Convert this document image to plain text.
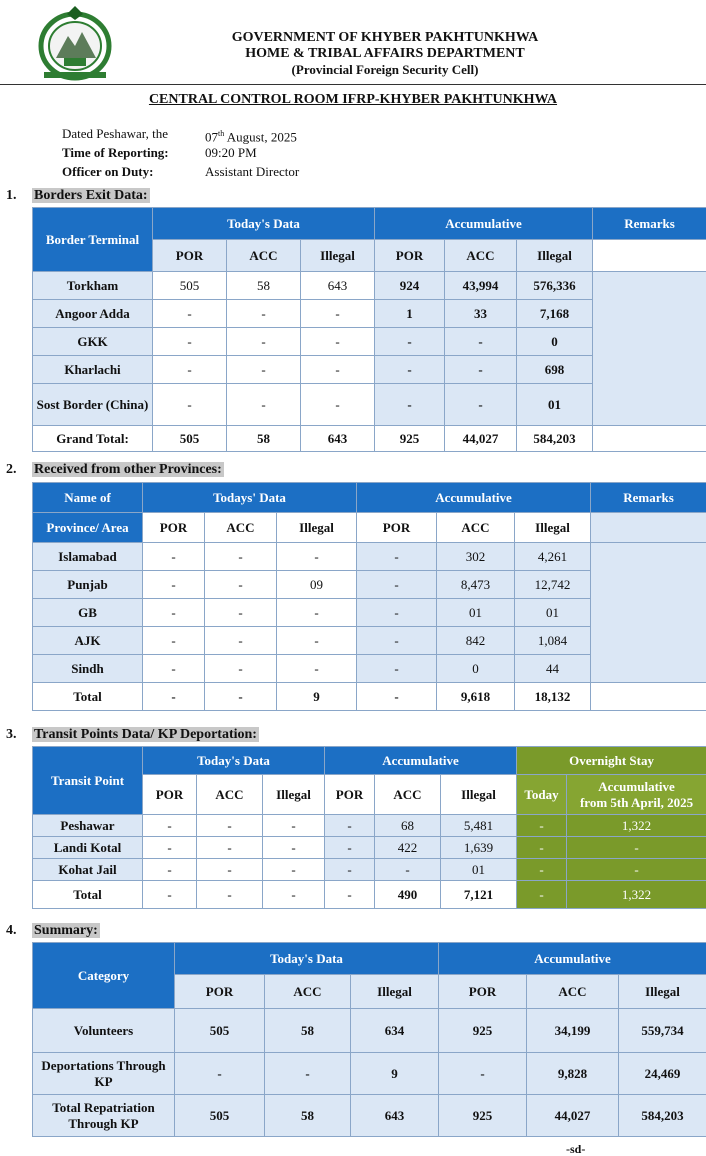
GOVERNMENT OF KHYBER PAKHTUNKHWA
HOME & TRIBAL AFFAIRS DEPARTMENT
(Provincial Foreign Security Cell)
CENTRAL CONTROL ROOM IFRP-KHYBER PAKHTUNKHWA
Dated Peshawar, the	07th August, 2025
Time of Reporting:	09:20 PM
Officer on Duty:	Assistant Director
1. Borders Exit Data:
Border Terminal	Today's Data			Accumulative			Remarks
	POR	ACC	Illegal	POR	ACC	Illegal	
Torkham	505	58	643	924	43,994	576,336	
Angoor Adda	-	-	-	1	33	7,168	
GKK	-	-	-	-	-	0	
Kharlachi	-	-	-	-	-	698	
Sost Border (China)	-	-	-	-	-	01	
Grand Total:	505	58	643	925	44,027	584,203	
2. Received from other Provinces:
Name of	Todays' Data			Accumulative			Remarks
Province/ Area	POR	ACC	Illegal	POR	ACC	Illegal	
Islamabad	-	-	-	-	302	4,261	
Punjab	-	-	09	-	8,473	12,742	
GB	-	-	-	-	01	01	
AJK	-	-	-	-	842	1,084	
Sindh	-	-	-	-	0	44	
Total	-	-	9	-	9,618	18,132	
3. Transit Points Data/ KP Deportation:
Transit Point	Today's Data			Accumulative			Overnight Stay	
	POR	ACC	Illegal	POR	ACC	Illegal	Today	Accumulative
from 5th April, 2025

Peshawar	-	-	-	-	68	5,481	-	1,322
Landi Kotal	-	-	-	-	422	1,639	-	-
Kohat Jail	-	-	-	-	-	01	-	-
Total	-	-	-	-	490	7,121	-	1,322
4. Summary:
Category	Today's Data			Accumulative		
	POR	ACC	Illegal	POR	ACC	Illegal
Volunteers	505	58	634	925	34,199	559,734
Deportations Through KP	-	-	9	-	9,828	24,469
Total Repatriation Through KP	505	58	643	925	44,027	584,203
-sd-
